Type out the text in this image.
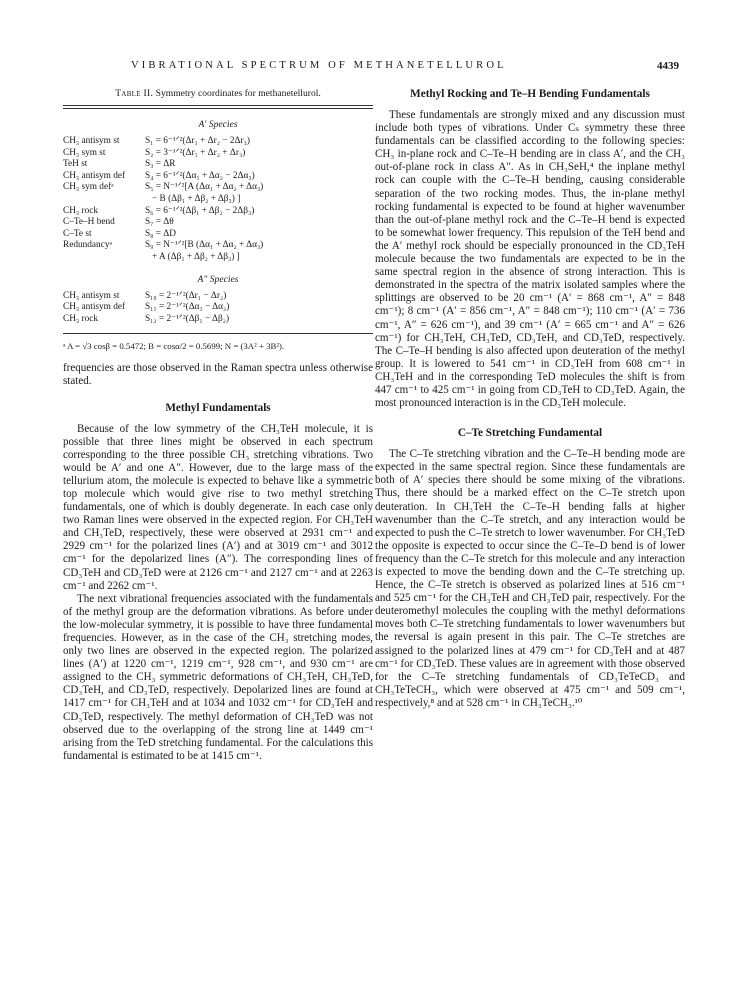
VIBRATIONAL SPECTRUM OF METHANETELLUROL	4439
Table II. Symmetry coordinates for methanetellurol.
A′ Species
CH₃ antisym st	S₁ = 6⁻¹ᐟ²(Δr₁ + Δr₂ − 2Δr₃)
CH₃ sym st	S₂ = 3⁻¹ᐟ²(Δr₁ + Δr₂ + Δr₃)
TeH st	S₃ = ΔR
CH₃ antisym def	S₄ = 6⁻¹ᐟ²(Δα₁ + Δα₂ − 2Δα₃)
CH₃ sym defᵃ	S₅ = N⁻¹ᐟ²[A (Δα₁ + Δα₂ + Δα₃)
	− B (Δβ₁ + Δβ₂ + Δβ₃) ]
CH₃ rock	S₆ = 6⁻¹ᐟ²(Δβ₁ + Δβ₂ − 2Δβ₃)
C–Te–H bend	S₇ = Δθ
C–Te st	S₈ = ΔD
Redundancyᵃ	S₉ = N⁻¹ᐟ²[B (Δα₁ + Δα₂ + Δα₃)
	+ A (Δβ₁ + Δβ₂ + Δβ₃) ]
A″ Species
CH₃ antisym st	S₁₀ = 2⁻¹ᐟ²(Δr₁ − Δr₂)
CH₃ antisym def	S₁₁ = 2⁻¹ᐟ²(Δα₁ − Δα₂)
CH₃ rock	S₁₂ = 2⁻¹ᐟ²(Δβ₁ − Δβ₂)
ᵃ A = √3 cosβ = 0.5472; B = cosα/2 = 0.5699; N = (3A² + 3B²).

frequencies are those observed in the Raman spectra unless otherwise stated.

Methyl Fundamentals

Because of the low symmetry of the CH₃TeH molecule, it is possible that three lines might be observed in each spectrum corresponding to the three possible CH₃ stretching vibrations. Two would be A′ and one A″. However, due to the large mass of the tellurium atom, the molecule is expected to behave like a symmetric top molecule which would give rise to two methyl stretching fundamentals, one of which is doubly degenerate. In each case only two Raman lines were observed in the expected region. For CH₃TeH and CH₃TeD, respectively, these were observed at 2931 cm⁻¹ and 2929 cm⁻¹ for the polarized lines (A′) and at 3019 cm⁻¹ and 3012 cm⁻¹ for the depolarized lines (A″). The corresponding lines of CD₃TeH and CD₃TeD were at 2126 cm⁻¹ and 2127 cm⁻¹ and at 2263 cm⁻¹ and 2262 cm⁻¹.

The next vibrational frequencies associated with the fundamentals of the methyl group are the deformation vibrations. As before under the low-molecular symmetry, it is possible to have three fundamental frequencies. However, as in the case of the CH₃ stretching modes, only two lines are observed in the expected region. The polarized lines (A′) at 1220 cm⁻¹, 1219 cm⁻¹, 928 cm⁻¹, and 930 cm⁻¹ are assigned to the CH₃ symmetric deformations of CH₃TeH, CH₃TeD, CD₃TeH, and CD₃TeD, respectively. Depolarized lines are found at 1417 cm⁻¹ for CH₃TeH and at 1034 and 1032 cm⁻¹ for CD₃TeH and CD₃TeD, respectively. The methyl deformation of CH₃TeD was not observed due to the overlapping of the strong line at 1449 cm⁻¹ arising from the TeD stretching fundamental. For the calculations this fundamental is estimated to be at 1415 cm⁻¹.

Methyl Rocking and Te–H Bending Fundamentals

These fundamentals are strongly mixed and any discussion must include both types of vibrations. Under Cₛ symmetry these three fundamentals can be classified according to the following species: CH₃ in-plane rock and C–Te–H bending are in class A′, and the CH₃ out-of-plane rock in class A″. As in CH₃SeH,⁴ the inplane methyl rock can couple with the C–Te–H bending, causing considerable separation of the two rocking modes. Thus, the in-plane methyl rocking fundamental is expected to be found at higher wavenumber than the out-of-plane methyl rock and the C–Te–H bend is expected to be somewhat lower frequency. This repulsion of the TeH bend and the A′ methyl rock should be especially pronounced in the CD₃TeH molecule because the two fundamentals are expected to be in the same spectral region in the absence of strong interaction. This is demonstrated in the spectra of the matrix isolated samples where the splittings are observed to be 20 cm⁻¹ (A′ = 868 cm⁻¹, A″ = 848 cm⁻¹); 8 cm⁻¹ (A′ = 856 cm⁻¹, A″ = 848 cm⁻¹); 110 cm⁻¹ (A′ = 736 cm⁻¹, A″ = 626 cm⁻¹), and 39 cm⁻¹ (A′ = 665 cm⁻¹ and A″ = 626 cm⁻¹) for CH₃TeH, CH₃TeD, CD₃TeH, and CD₃TeD, respectively. The C–Te–H bending is also affected upon deuteration of the methyl group. It is lowered to 541 cm⁻¹ in CD₃TeH from 608 cm⁻¹ in CH₃TeH and in the corresponding TeD molecules the shift is from 447 cm⁻¹ to 425 cm⁻¹ in going from CD₃TeH to CD₃TeD. Again, the most pronounced interaction is in the CD₃TeH molecule.

C–Te Stretching Fundamental

The C–Te stretching vibration and the C–Te–H bending mode are expected in the same spectral region. Since these fundamentals are both of A′ species there should be some mixing of the vibrations. Thus, there should be a marked effect on the C–Te stretch upon deuteration. In CH₃TeH the C–Te–H bending falls at higher wavenumber than the C–Te stretch, and any interaction would be expected to push the C–Te stretch to lower wavenumber. For CH₃TeD the opposite is expected to occur since the C–Te–D bend is of lower frequency than the C–Te stretch for this molecule and any interaction is expected to move the bending down and the C–Te stretching up. Hence, the C–Te stretch is observed as polarized lines at 516 cm⁻¹ and 525 cm⁻¹ for the CH₃TeH and CH₃TeD pair, respectively. For the deuteromethyl molecules the coupling with the methyl deformations moves both C–Te stretching fundamentals to lower wavenumbers but the reversal is again present in this pair. The C–Te stretches are assigned to the polarized lines at 479 cm⁻¹ for CD₃TeH and at 487 cm⁻¹ for CD₃TeD. These values are in agreement with those observed for the C–Te stretching fundamentals of CD₃TeTeCD₃ and CH₃TeTeCH₃, which were observed at 475 cm⁻¹ and 509 cm⁻¹, respectively,⁸ and at 528 cm⁻¹ in CH₃TeCH₃.¹⁰
